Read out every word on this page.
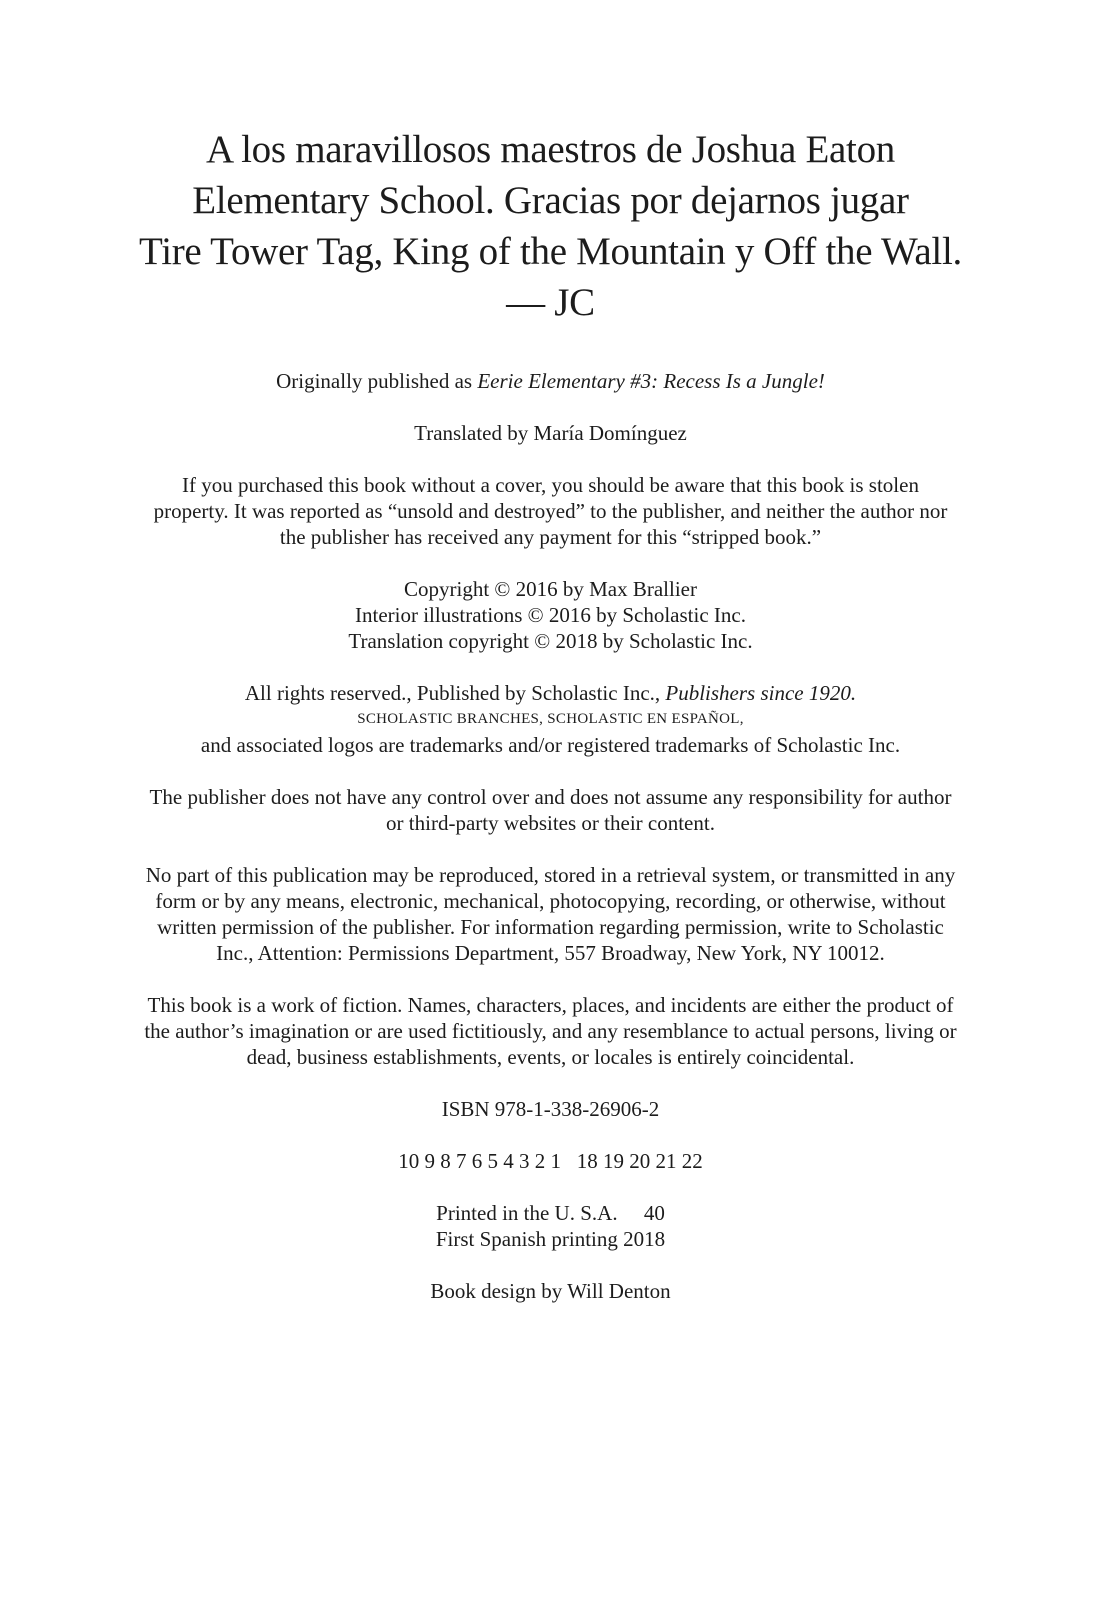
A los maravillosos maestros de Joshua Eaton
Elementary School. Gracias por dejarnos jugar
Tire Tower Tag, King of the Mountain y Off the Wall.
— JC

Originally published as Eerie Elementary #3: Recess Is a Jungle!

Translated by María Domínguez

If you purchased this book without a cover, you should be aware that this book is stolen
property. It was reported as “unsold and destroyed” to the publisher, and neither the author nor
the publisher has received any payment for this “stripped book.”

Copyright © 2016 by Max Brallier
Interior illustrations © 2016 by Scholastic Inc.
Translation copyright © 2018 by Scholastic Inc.

All rights reserved., Published by Scholastic Inc., Publishers since 1920.
SCHOLASTIC BRANCHES, SCHOLASTIC EN ESPAÑOL,
and associated logos are trademarks and/or registered trademarks of Scholastic Inc.

The publisher does not have any control over and does not assume any responsibility for author
or third-party websites or their content.

No part of this publication may be reproduced, stored in a retrieval system, or transmitted in any
form or by any means, electronic, mechanical, photocopying, recording, or otherwise, without
written permission of the publisher. For information regarding permission, write to Scholastic
Inc., Attention: Permissions Department, 557 Broadway, New York, NY 10012.

This book is a work of fiction. Names, characters, places, and incidents are either the product of
the author’s imagination or are used fictitiously, and any resemblance to actual persons, living or
dead, business establishments, events, or locales is entirely coincidental.

ISBN 978-1-338-26906-2

10 9 8 7 6 5 4 3 2 1   18 19 20 21 22

Printed in the U. S.A.     40
First Spanish printing 2018

Book design by Will Denton
